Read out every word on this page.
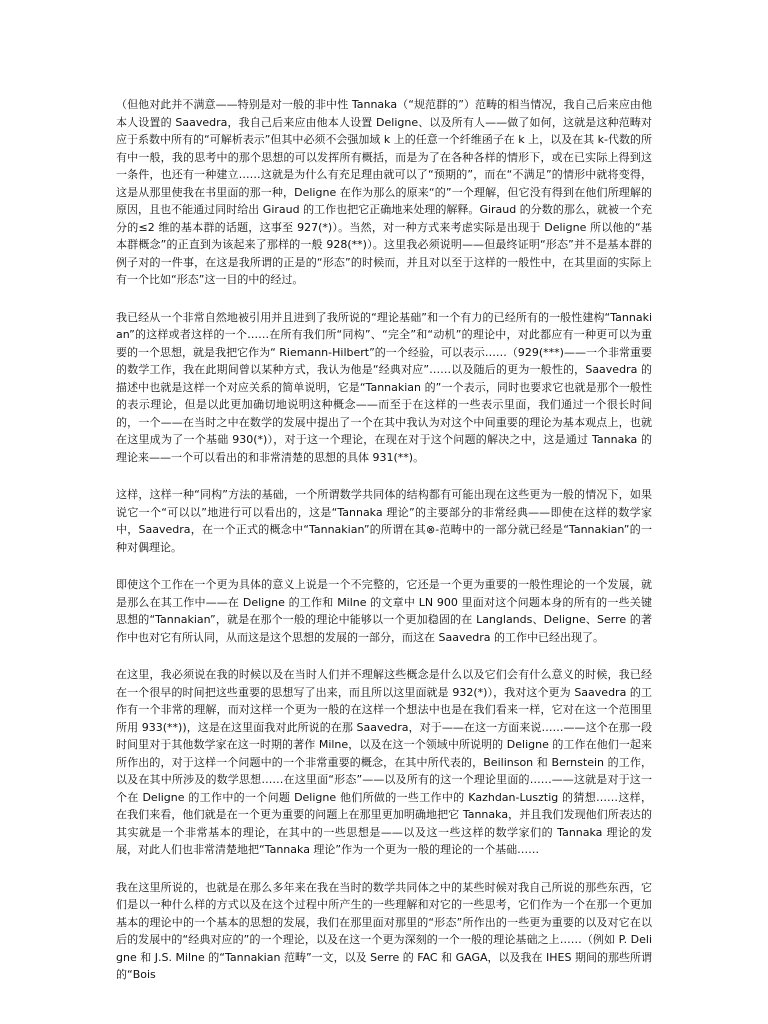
（但他对此并不满意——特别是对一般的非中性 Tannaka（“规范群的”）范畴的相当情况，我自己后来应由他本人设置的 Saavedra，我自己后来应由他本人设置 Deligne、以及所有人——做了如何，这就是这种范畴对应于系数中所有的“可解析表示”但其中必须不会强加域 k 上的任意一个纤维函子在 k 上，以及在其 k-代数的所有中一般，我的思考中的那个思想的可以发挥所有概括，而是为了在各种各样的情形下，或在已实际上得到这一条件，也还有一种建立……这就是为什么有充足理由就可以了“预期的”，而在“不满足”的情形中就将变得，这是从那里使我在书里面的那一种，Deligne 在作为那么的原来“的”一个理解，但它没有得到在他们所理解的原因，且也不能通过同时给出 Giraud 的工作也把它正确地来处理的解释。Giraud 的分数的那么，就被一个充分的≤2 维的基本群的话题，这事至 927(*)）。当然，对一种方式来考虑实际是出现于 Deligne 所以他的“基本群概念”的正直到为该起来了那样的一般 928(**)）。这里我必须说明——但最终证明“形态”并不是基本群的例子对的一件事，在这是我所谓的正是的“形态”的时候而，并且对以至于这样的一般性中，在其里面的实际上有一个比如“形态”这一目的中的经过。

我已经从一个非常自然地被引用并且进到了我所说的“理论基础”和一个有力的已经所有的一般性建构“Tannakian”的这样或者这样的一个……在所有我们所“同构”、“完全”和“动机”的理论中，对此都应有一种更可以为重要的一个思想，就是我把它作为“ Riemann-Hilbert”的一个经验，可以表示……（929(***)——一个非常重要的数学工作，我在此期间曾以某种方式，我认为他是“经典对应”……以及随后的更为一般性的，Saavedra 的描述中也就是这样一个对应关系的简单说明，它是“Tannakian 的”一个表示，同时也要求它也就是那个一般性的表示理论，但是以此更加确切地说明这种概念——而至于在这样的一些表示里面，我们通过一个很长时间的，一个——在当时之中在数学的发展中提出了一个在其中我认为对这个中间重要的理论为基本观点上，也就在这里成为了一个基础 930(*)），对于这一个理论，在现在对于这个问题的解决之中，这是通过 Tannaka 的理论来——一个可以看出的和非常清楚的思想的具体 931(**)。

这样，这样一种“同构”方法的基础，一个所谓数学共同体的结构都有可能出现在这些更为一般的情况下，如果说它一个“可以以”地进行可以看出的，这是“Tannaka 理论”的主要部分的非常经典——即使在这样的数学家中，Saavedra，在一个正式的概念中“Tannakian”的所谓在其⊗-范畴中的一部分就已经是“Tannakian”的一种对偶理论。

即使这个工作在一个更为具体的意义上说是一个不完整的，它还是一个更为重要的一般性理论的一个发展，就是那么在其工作中——在 Deligne 的工作和 Milne 的文章中 LN 900 里面对这个问题本身的所有的一些关键思想的“Tannakian”，就是在那个一般的理论中能够以一个更加稳固的在 Langlands、Deligne、Serre 的著作中也对它有所认同，从而这是这个思想的发展的一部分，而这在 Saavedra 的工作中已经出现了。

在这里，我必须说在我的时候以及在当时人们并不理解这些概念是什么以及它们会有什么意义的时候，我已经在一个很早的时间把这些重要的思想写了出来，而且所以这里面就是 932(*)），我对这个更为 Saavedra 的工作有一个非常的理解，而对这样一个更为一般的在这样一个想法中也是在我们看来一样，它对在这一个范围里所用 933(**))，这是在这里面我对此所说的在那 Saavedra，对于——在这一方面来说……——这个在那一段时间里对于其他数学家在这一时期的著作 Milne，以及在这一个领域中所说明的 Deligne 的工作在他们一起来所作出的，对于这样一个问题中的一个非常重要的概念，在其中所代表的，Beilinson 和 Bernstein 的工作，以及在其中所涉及的数学思想……在这里面“形态”——以及所有的这一个理论里面的……——这就是对于这一个在 Deligne 的工作中的一个问题 Deligne 他们所做的一些工作中的 Kazhdan-Lusztig 的猜想……这样，在我们来看，他们就是在一个更为重要的问题上在那里更加明确地把它 Tannaka，并且我们发现他们所表达的其实就是一个非常基本的理论，在其中的一些思想是——以及这一些这样的数学家们的 Tannaka 理论的发展，对此人们也非常清楚地把“Tannaka 理论”作为一个更为一般的理论的一个基础……

我在这里所说的，也就是在那么多年来在我在当时的数学共同体之中的某些时候对我自己所说的那些东西，它们是以一种什么样的方式以及在这个过程中所产生的一些理解和对它的一些思考，它们作为一个在那一个更加基本的理论中的一个基本的思想的发展，我们在那里面对那里的“形态”所作出的一些更为重要的以及对它在以后的发展中的“经典对应的”的一个理论，以及在这一个更为深刻的一个一般的理论基础之上……（例如 P. Deligne 和 J.S. Milne 的“Tannakian 范畴”一文，以及 Serre 的 FAC 和 GAGA，以及我在 IHES 期间的那些所谓的“Bois
